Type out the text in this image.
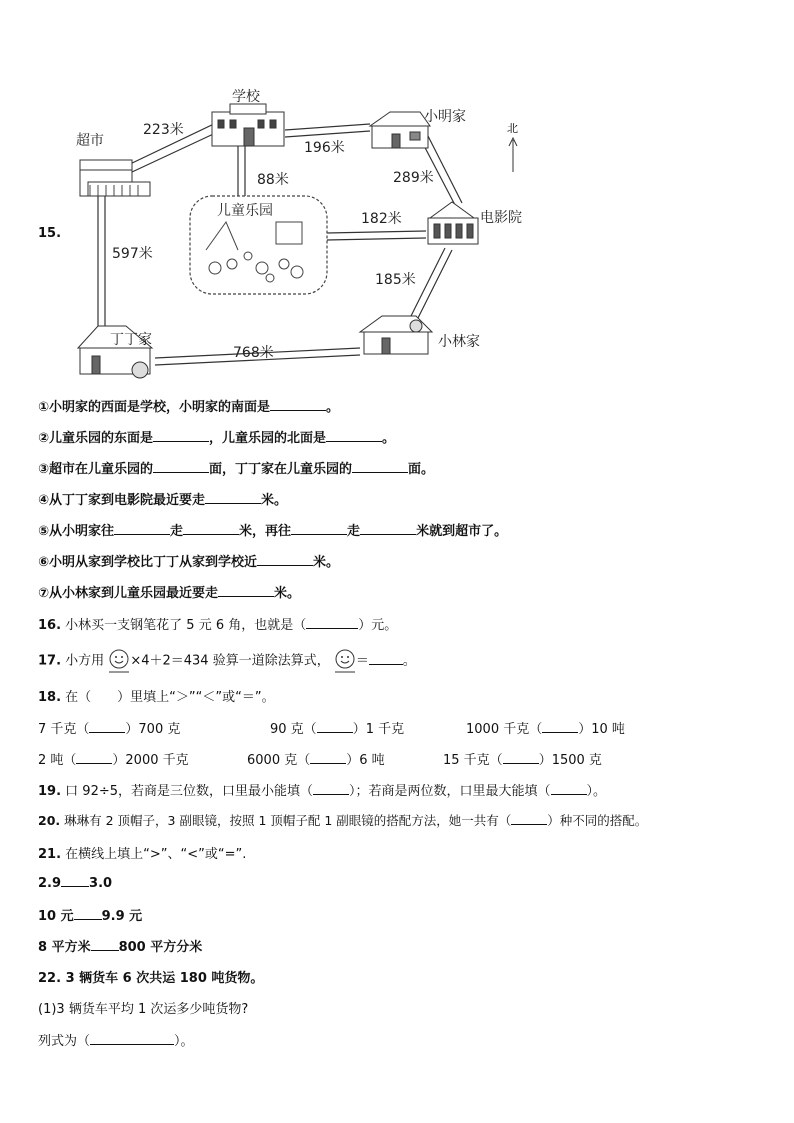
学校
超市
小明家
北
电影院
儿童乐园
丁丁家	小林家
223米
196米
88米	289米
182米
597米
185米
768米
15.
①小明家的西面是学校，小明家的南面是	。
②儿童乐园的东面是	，儿童乐园的北面是	。
③超市在儿童乐园的	面，丁丁家在儿童乐园的	面。
④从丁丁家到电影院最近要走	米。
⑤从小明家往	走	米，再往	走	米就到超市了。
⑥小明从家到学校比丁丁从家到学校近	米。
⑦从小林家到儿童乐园最近要走	米。
16. 小林买一支钢笔花了 5 元 6 角，也就是（	）元。
17. 小方用 ×4＋2＝434 验算一道除法算式， ＝	。
18. 在（　　）里填上“＞”“＜”或“＝”。
7 千克（	）700 克	90 克（	）1 千克	1000 千克（	）10 吨
2 吨（	）2000 千克	6000 克（	）6 吨	15 千克（	）1500 克
19. 口 92÷5，若商是三位数，口里最小能填（	）；若商是两位数，口里最大能填（	）。
20. 琳琳有 2 顶帽子，3 副眼镜，按照 1 顶帽子配 1 副眼镜的搭配方法，她一共有（	）种不同的搭配。
21. 在横线上填上“>”、“<”或“=”.
2.9 3.0
10 元 9.9 元
8 平方米 800 平方分米
22. 3 辆货车 6 次共运 180 吨货物。
(1)3 辆货车平均 1 次运多少吨货物?
列式为（	）。
